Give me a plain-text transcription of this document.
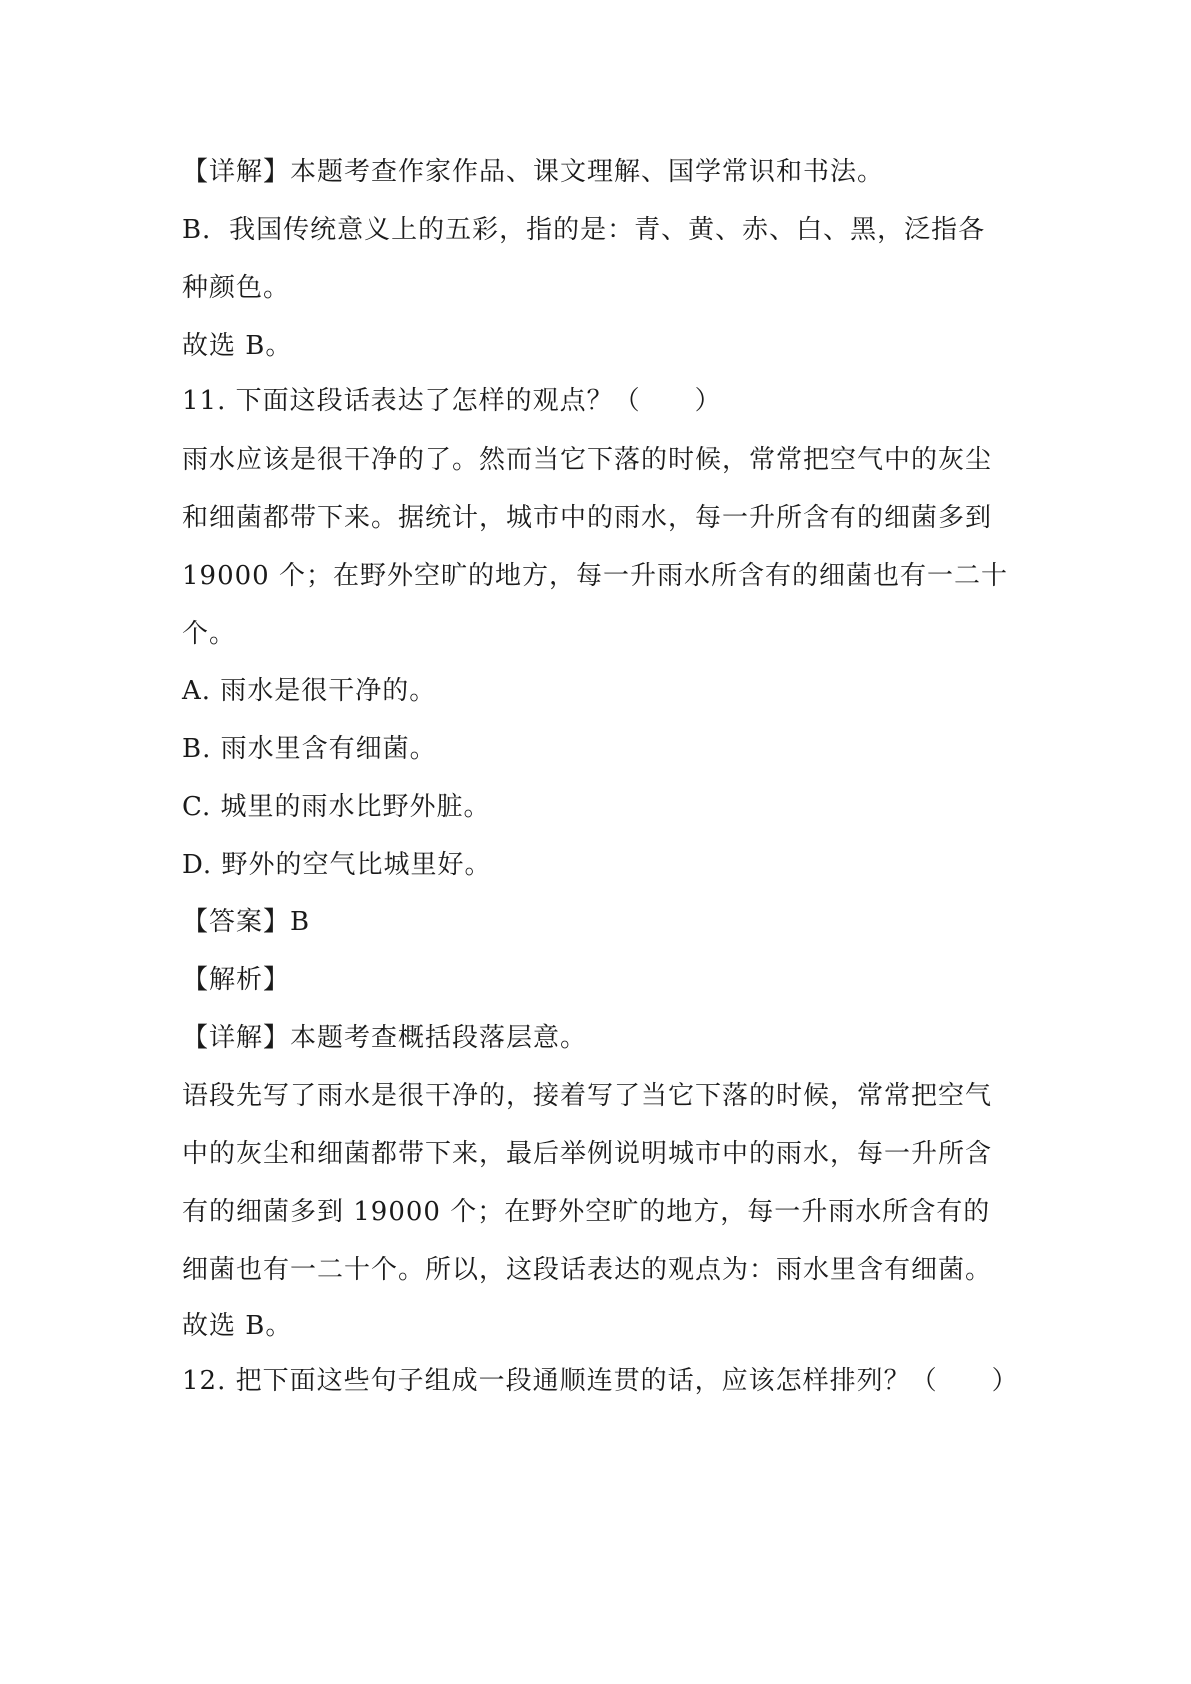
【详解】本题考查作家作品、课文理解、国学常识和书法。
B．我国传统意义上的五彩，指的是：青、黄、赤、白、黑，泛指各
种颜色。
故选 B。
11. 下面这段话表达了怎样的观点？（　　）
雨水应该是很干净的了。然而当它下落的时候，常常把空气中的灰尘
和细菌都带下来。据统计，城市中的雨水，每一升所含有的细菌多到
19000 个；在野外空旷的地方，每一升雨水所含有的细菌也有一二十
个。
A. 雨水是很干净的。
B. 雨水里含有细菌。
C. 城里的雨水比野外脏。
D. 野外的空气比城里好。
【答案】B
【解析】
【详解】本题考查概括段落层意。
语段先写了雨水是很干净的，接着写了当它下落的时候，常常把空气
中的灰尘和细菌都带下来，最后举例说明城市中的雨水，每一升所含
有的细菌多到 19000 个；在野外空旷的地方，每一升雨水所含有的
细菌也有一二十个。所以，这段话表达的观点为：雨水里含有细菌。
故选 B。
12. 把下面这些句子组成一段通顺连贯的话，应该怎样排列？（　　）
